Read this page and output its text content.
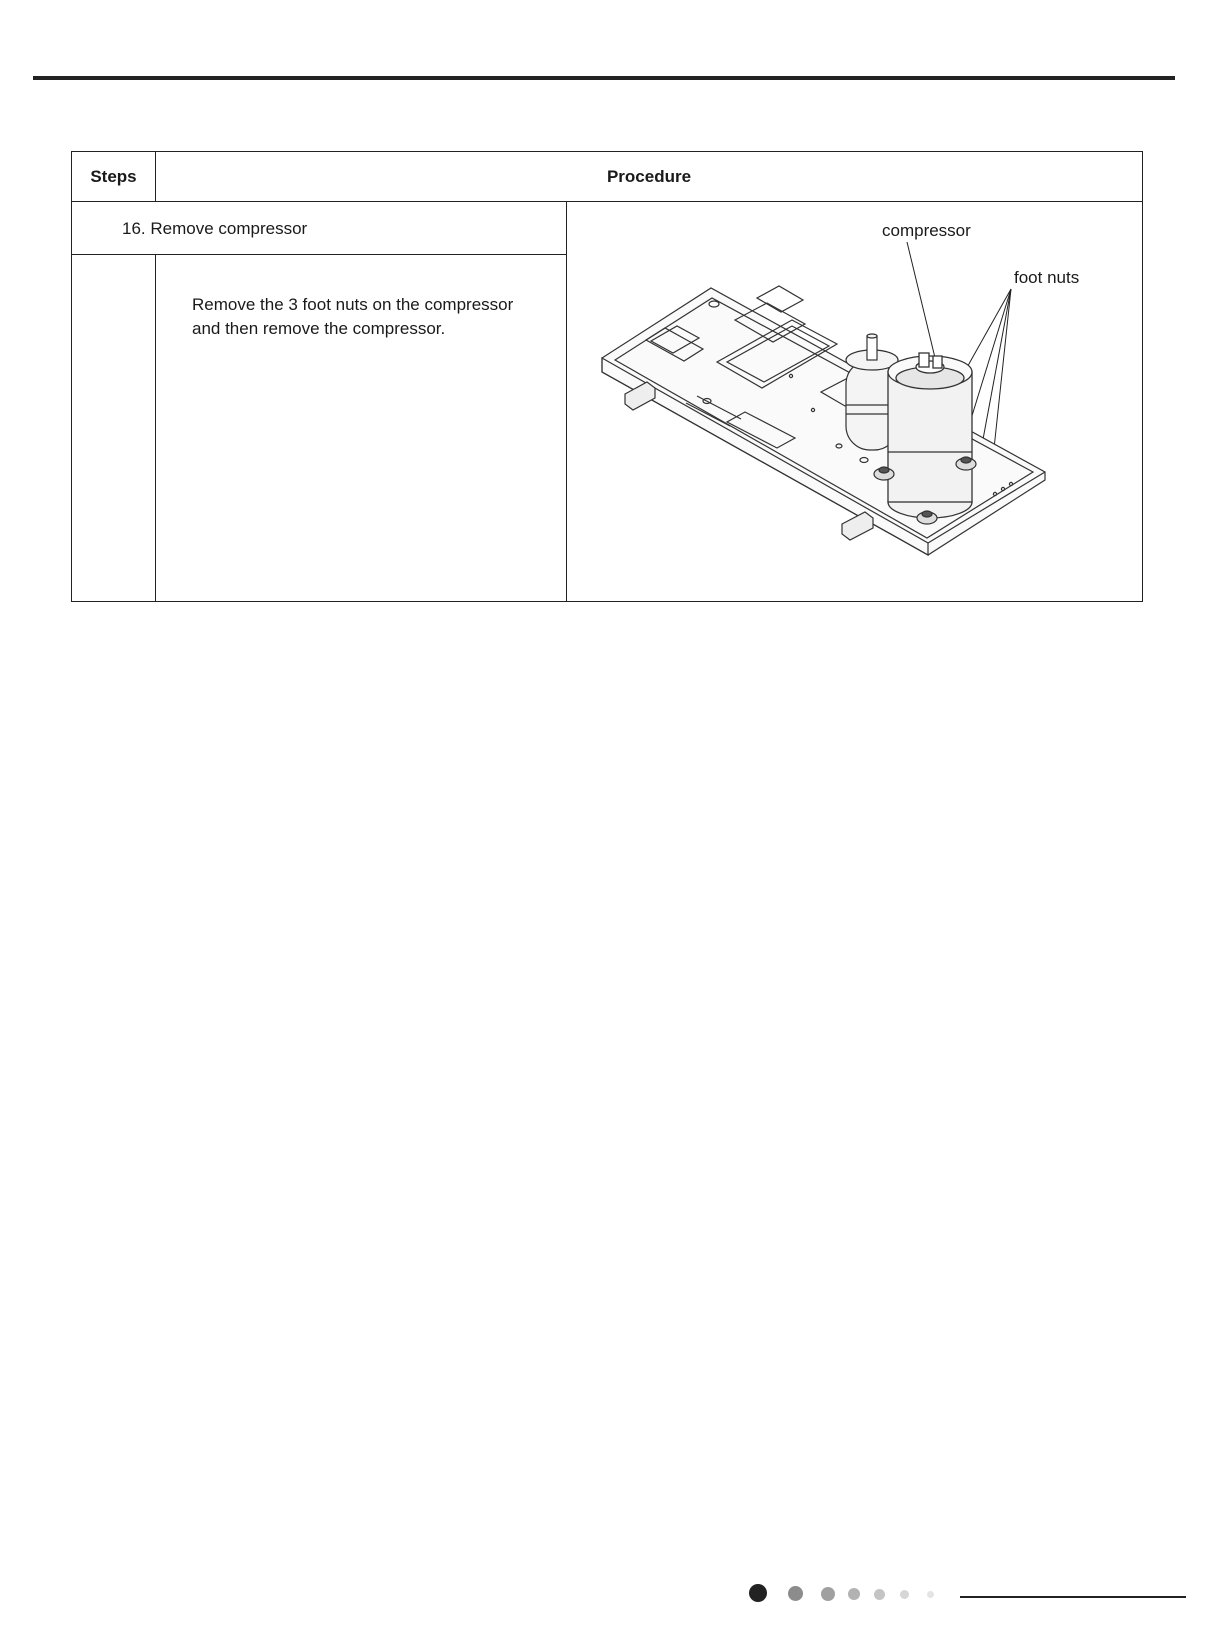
Steps	Procedure	

16. Remove compressor		compressor
foot nuts

	Remove the 3 foot nuts on the compressor and then remove the compressor.	
